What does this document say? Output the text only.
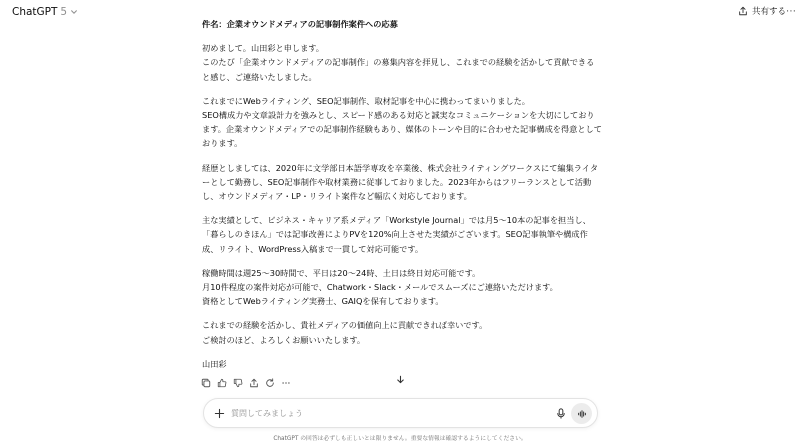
ChatGPT 5	共有する ⋯
件名：企業オウンドメディアの記事制作案件への応募

初めまして。山田彩と申します。
このたび「企業オウンドメディアの記事制作」の募集内容を拝見し、これまでの経験を活かして貢献できると感じ、ご連絡いたしました。

これまでにWebライティング、SEO記事制作、取材記事を中心に携わってまいりました。
SEO構成力や文章設計力を強みとし、スピード感のある対応と誠実なコミュニケーションを大切にしております。企業オウンドメディアでの記事制作経験もあり、媒体のトーンや目的に合わせた記事構成を得意としております。

経歴としましては、2020年に文学部日本語学専攻を卒業後、株式会社ライティングワークスにて編集ライターとして勤務し、SEO記事制作や取材業務に従事しておりました。2023年からはフリーランスとして活動し、オウンドメディア・LP・リライト案件など幅広く対応しております。

主な実績として、ビジネス・キャリア系メディア「Workstyle Journal」では月5〜10本の記事を担当し、「暮らしのきほん」では記事改善によりPVを120%向上させた実績がございます。SEO記事執筆や構成作成、リライト、WordPress入稿まで一貫して対応可能です。

稼働時間は週25〜30時間で、平日は20〜24時、土日は終日対応可能です。
月10件程度の案件対応が可能で、Chatwork・Slack・メールでスムーズにご連絡いただけます。
資格としてWebライティング実務士、GAIQを保有しております。

これまでの経験を活かし、貴社メディアの価値向上に貢献できれば幸いです。
ご検討のほど、よろしくお願いいたします。

山田彩

質問してみましょう
ChatGPT の回答は必ずしも正しいとは限りません。重要な情報は確認するようにしてください。
